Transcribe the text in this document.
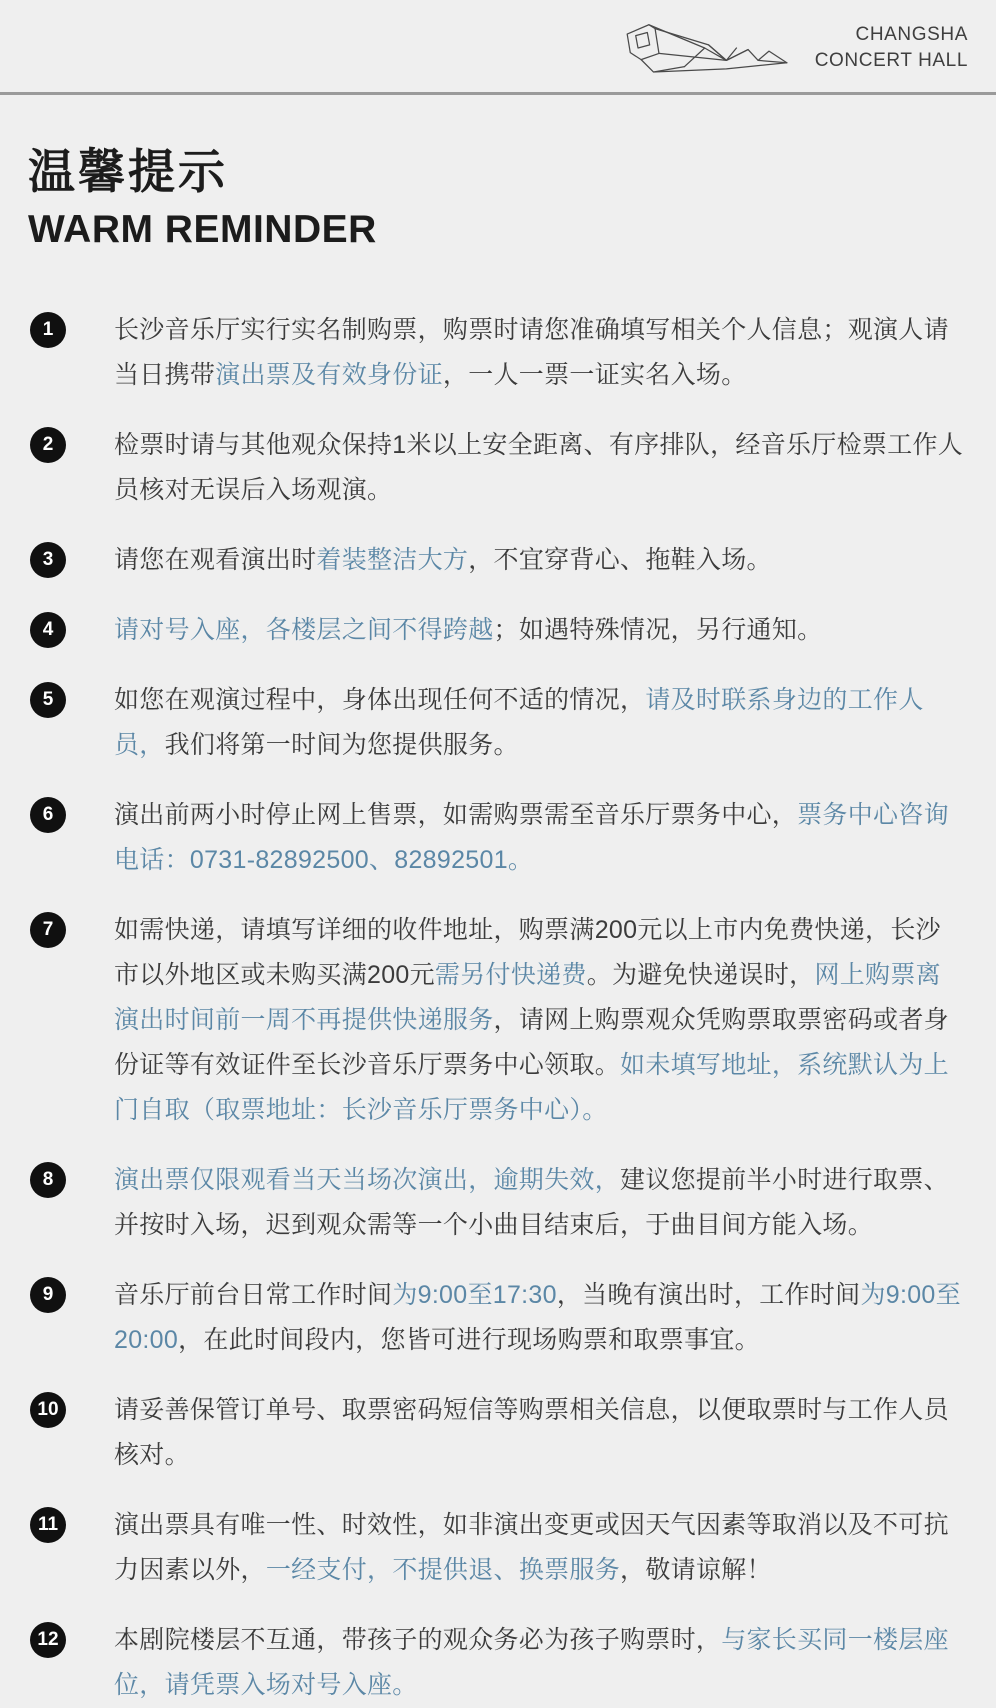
CHANGSHA
CONCERT HALL
温馨提示
WARM REMINDER
1	长沙音乐厅实行实名制购票，购票时请您准确填写相关个人信息；观演人请当日携带演出票及有效身份证，一人一票一证实名入场。

2	检票时请与其他观众保持1米以上安全距离、有序排队，经音乐厅检票工作人员核对无误后入场观演。

3	请您在观看演出时着装整洁大方，不宜穿背心、拖鞋入场。

4	请对号入座，各楼层之间不得跨越；如遇特殊情况，另行通知。

5	如您在观演过程中，身体出现任何不适的情况，请及时联系身边的工作人员，我们将第一时间为您提供服务。

6	演出前两小时停止网上售票，如需购票需至音乐厅票务中心，票务中心咨询电话：0731-82892500、82892501。

7	如需快递，请填写详细的收件地址，购票满200元以上市内免费快递，长沙市以外地区或未购买满200元需另付快递费。为避免快递误时，网上购票离演出时间前一周不再提供快递服务，请网上购票观众凭购票取票密码或者身份证等有效证件至长沙音乐厅票务中心领取。如未填写地址，系统默认为上门自取（取票地址：长沙音乐厅票务中心）。

8	演出票仅限观看当天当场次演出，逾期失效，建议您提前半小时进行取票、并按时入场，迟到观众需等一个小曲目结束后，于曲目间方能入场。

9	音乐厅前台日常工作时间为9:00至17:30，当晚有演出时，工作时间为9:00至20:00，在此时间段内，您皆可进行现场购票和取票事宜。

10 请妥善保管订单号、取票密码短信等购票相关信息，以便取票时与工作人员核对。

11	演出票具有唯一性、时效性，如非演出变更或因天气因素等取消以及不可抗力因素以外，一经支付，不提供退、换票服务，敬请谅解！

12 本剧院楼层不互通，带孩子的观众务必为孩子购票时，与家长买同一楼层座位，请凭票入场对号入座。
